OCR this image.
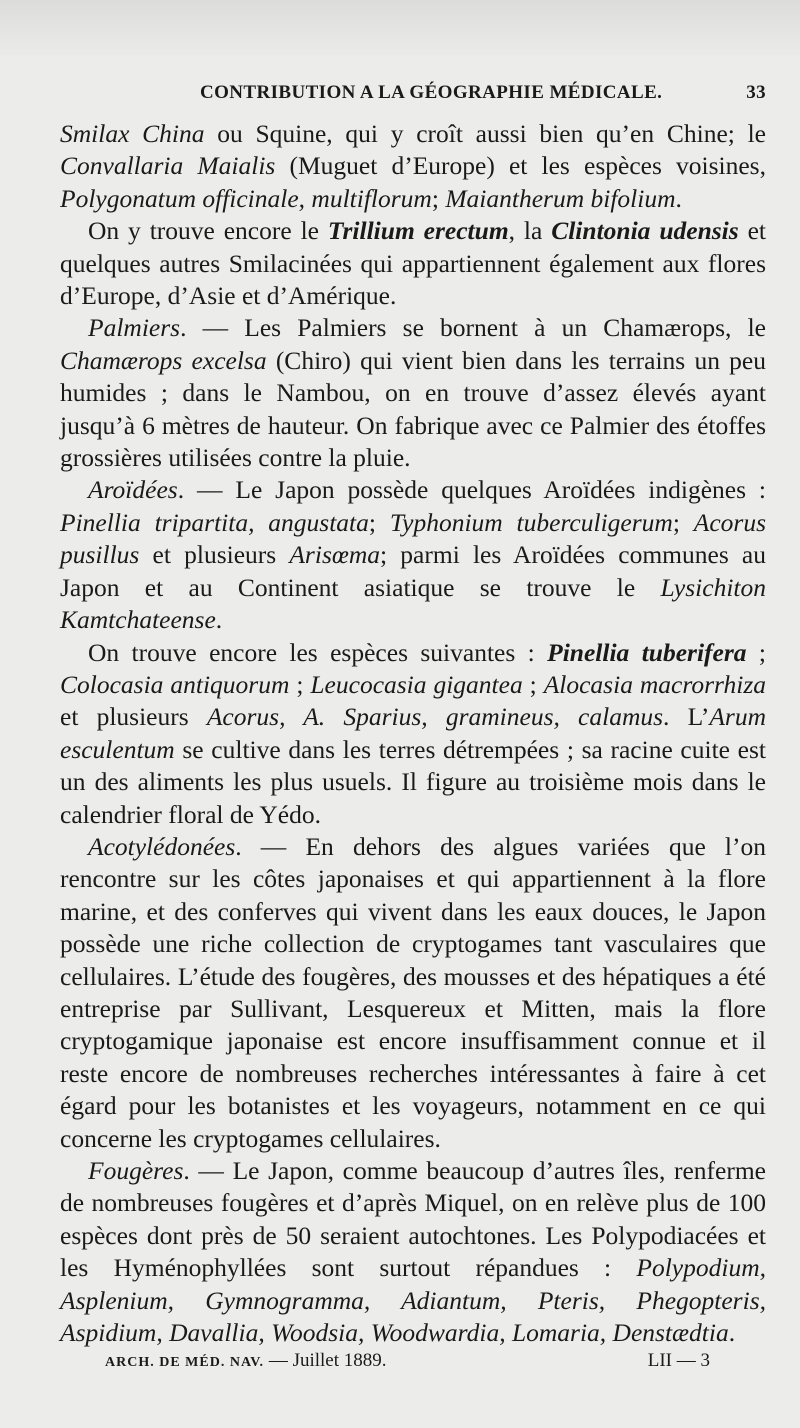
CONTRIBUTION A LA GÉOGRAPHIE MÉDICALE.	33

Smilax China ou Squine, qui y croît aussi bien qu’en Chine; le Convallaria Maialis (Muguet d’Europe) et les espèces voisines, Polygonatum officinale, multiflorum; Maiantherum bifolium.

On y trouve encore le Trillium erectum, la Clintonia udensis et quelques autres Smilacinées qui appartiennent également aux flores d’Europe, d’Asie et d’Amérique.

Palmiers. — Les Palmiers se bornent à un Chamærops, le Chamærops excelsa (Chiro) qui vient bien dans les terrains un peu humides ; dans le Nambou, on en trouve d’assez élevés ayant jusqu’à 6 mètres de hauteur. On fabrique avec ce Palmier des étoffes grossières utilisées contre la pluie.

Aroïdées. — Le Japon possède quelques Aroïdées indigènes : Pinellia tripartita, angustata; Typhonium tuberculigerum; Acorus pusillus et plusieurs Arisœma; parmi les Aroïdées communes au Japon et au Continent asiatique se trouve le Lysichiton Kamtchateense.

On trouve encore les espèces suivantes : Pinellia tuberifera ; Colocasia antiquorum ; Leucocasia gigantea ; Alocasia macrorrhiza et plusieurs Acorus, A. Sparius, gramineus, calamus. L’Arum esculentum se cultive dans les terres détrempées ; sa racine cuite est un des aliments les plus usuels. Il figure au troisième mois dans le calendrier floral de Yédo.

Acotylédonées. — En dehors des algues variées que l’on rencontre sur les côtes japonaises et qui appartiennent à la flore marine, et des conferves qui vivent dans les eaux douces, le Japon possède une riche collection de cryptogames tant vasculaires que cellulaires. L’étude des fougères, des mousses et des hépatiques a été entreprise par Sullivant, Lesquereux et Mitten, mais la flore cryptogamique japonaise est encore insuffisamment connue et il reste encore de nombreuses recherches intéressantes à faire à cet égard pour les botanistes et les voyageurs, notamment en ce qui concerne les cryptogames cellulaires.

Fougères. — Le Japon, comme beaucoup d’autres îles, renferme de nombreuses fougères et d’après Miquel, on en relève plus de 100 espèces dont près de 50 seraient autochtones. Les Polypodiacées et les Hyménophyllées sont surtout répandues : Polypodium, Asplenium, Gymnogramma, Adiantum, Pteris, Phegopteris, Aspidium, Davallia, Woodsia, Woodwardia, Lomaria, Denstædtia.

ARCH. DE MÉD. NAV. — Juillet 1889.	LII — 3
